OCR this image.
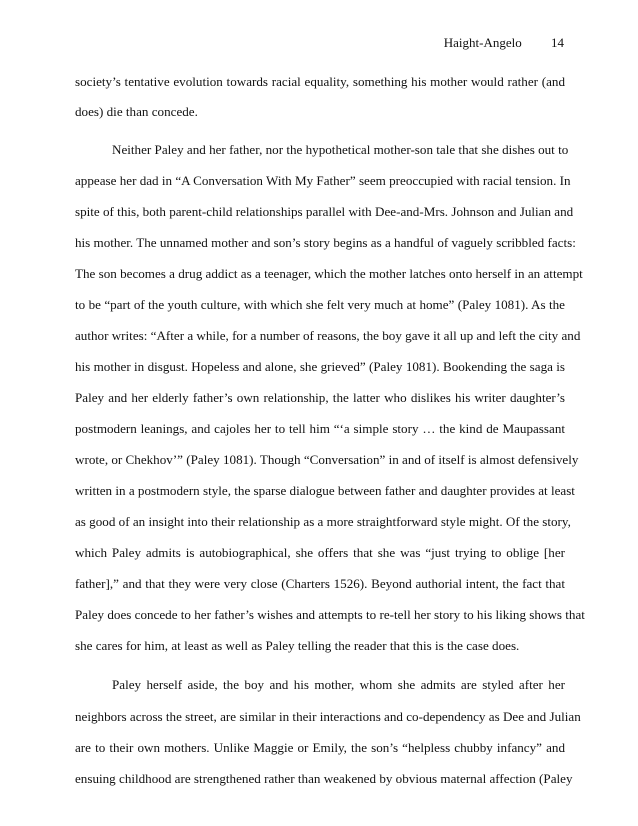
Haight-Angelo 14
society’s tentative evolution towards racial equality, something his mother would rather (and
does) die than concede.
Neither Paley and her father, nor the hypothetical mother-son tale that she dishes out to
appease her dad in “A Conversation With My Father” seem preoccupied with racial tension. In
spite of this, both parent-child relationships parallel with Dee-and-Mrs. Johnson and Julian and
his mother. The unnamed mother and son’s story begins as a handful of vaguely scribbled facts:
The son becomes a drug addict as a teenager, which the mother latches onto herself in an attempt
to be “part of the youth culture, with which she felt very much at home” (Paley 1081). As the
author writes: “After a while, for a number of reasons, the boy gave it all up and left the city and
his mother in disgust. Hopeless and alone, she grieved” (Paley 1081). Bookending the saga is
Paley and her elderly father’s own relationship, the latter who dislikes his writer daughter’s
postmodern leanings, and cajoles her to tell him “‘a simple story … the kind de Maupassant
wrote, or Chekhov’” (Paley 1081). Though “Conversation” in and of itself is almost defensively
written in a postmodern style, the sparse dialogue between father and daughter provides at least
as good of an insight into their relationship as a more straightforward style might. Of the story,
which Paley admits is autobiographical, she offers that she was “just trying to oblige [her
father],” and that they were very close (Charters 1526). Beyond authorial intent, the fact that
Paley does concede to her father’s wishes and attempts to re-tell her story to his liking shows that
she cares for him, at least as well as Paley telling the reader that this is the case does.
Paley herself aside, the boy and his mother, whom she admits are styled after her
neighbors across the street, are similar in their interactions and co-dependency as Dee and Julian
are to their own mothers. Unlike Maggie or Emily, the son’s “helpless chubby infancy” and
ensuing childhood are strengthened rather than weakened by obvious maternal affection (Paley
